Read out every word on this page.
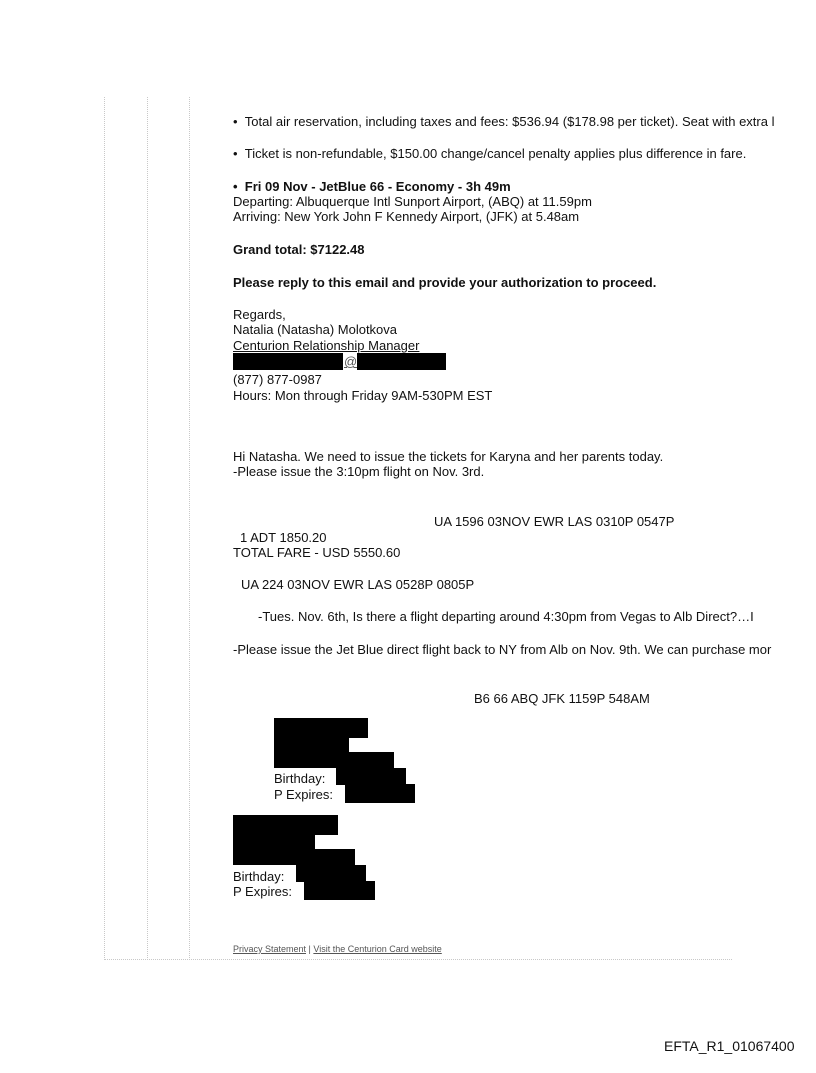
•  Total air reservation, including taxes and fees: $536.94 ($178.98 per ticket). Seat with extra l
•  Ticket is non-refundable, $150.00 change/cancel penalty applies plus difference in fare.
•  Fri 09 Nov - JetBlue 66 - Economy - 3h 49m
Departing: Albuquerque Intl Sunport Airport, (ABQ) at 11.59pm
Arriving: New York John F Kennedy Airport, (JFK) at 5.48am
Grand total: $7122.48
Please reply to this email and provide your authorization to proceed.
Regards,
Natalia (Natasha) Molotkova
Centurion Relationship Manager
@
(877) 877-0987
Hours: Mon through Friday 9AM-530PM EST
Hi Natasha. We need to issue the tickets for Karyna and her parents today.
-Please issue the 3:10pm flight on Nov. 3rd.
UA 1596 03NOV EWR LAS 0310P 0547P
1 ADT 1850.20
TOTAL FARE - USD 5550.60
UA 224 03NOV EWR LAS 0528P 0805P
-Tues. Nov. 6th, Is there a flight departing around 4:30pm from Vegas to Alb Direct?…I
-Please issue the Jet Blue direct flight back to NY from Alb on Nov. 9th. We can purchase mor
B6 66 ABQ JFK 1159P 548AM
Birthday:
P Expires:
Birthday:
P Expires:
Privacy Statement | Visit the Centurion Card website
EFTA_R1_01067400
